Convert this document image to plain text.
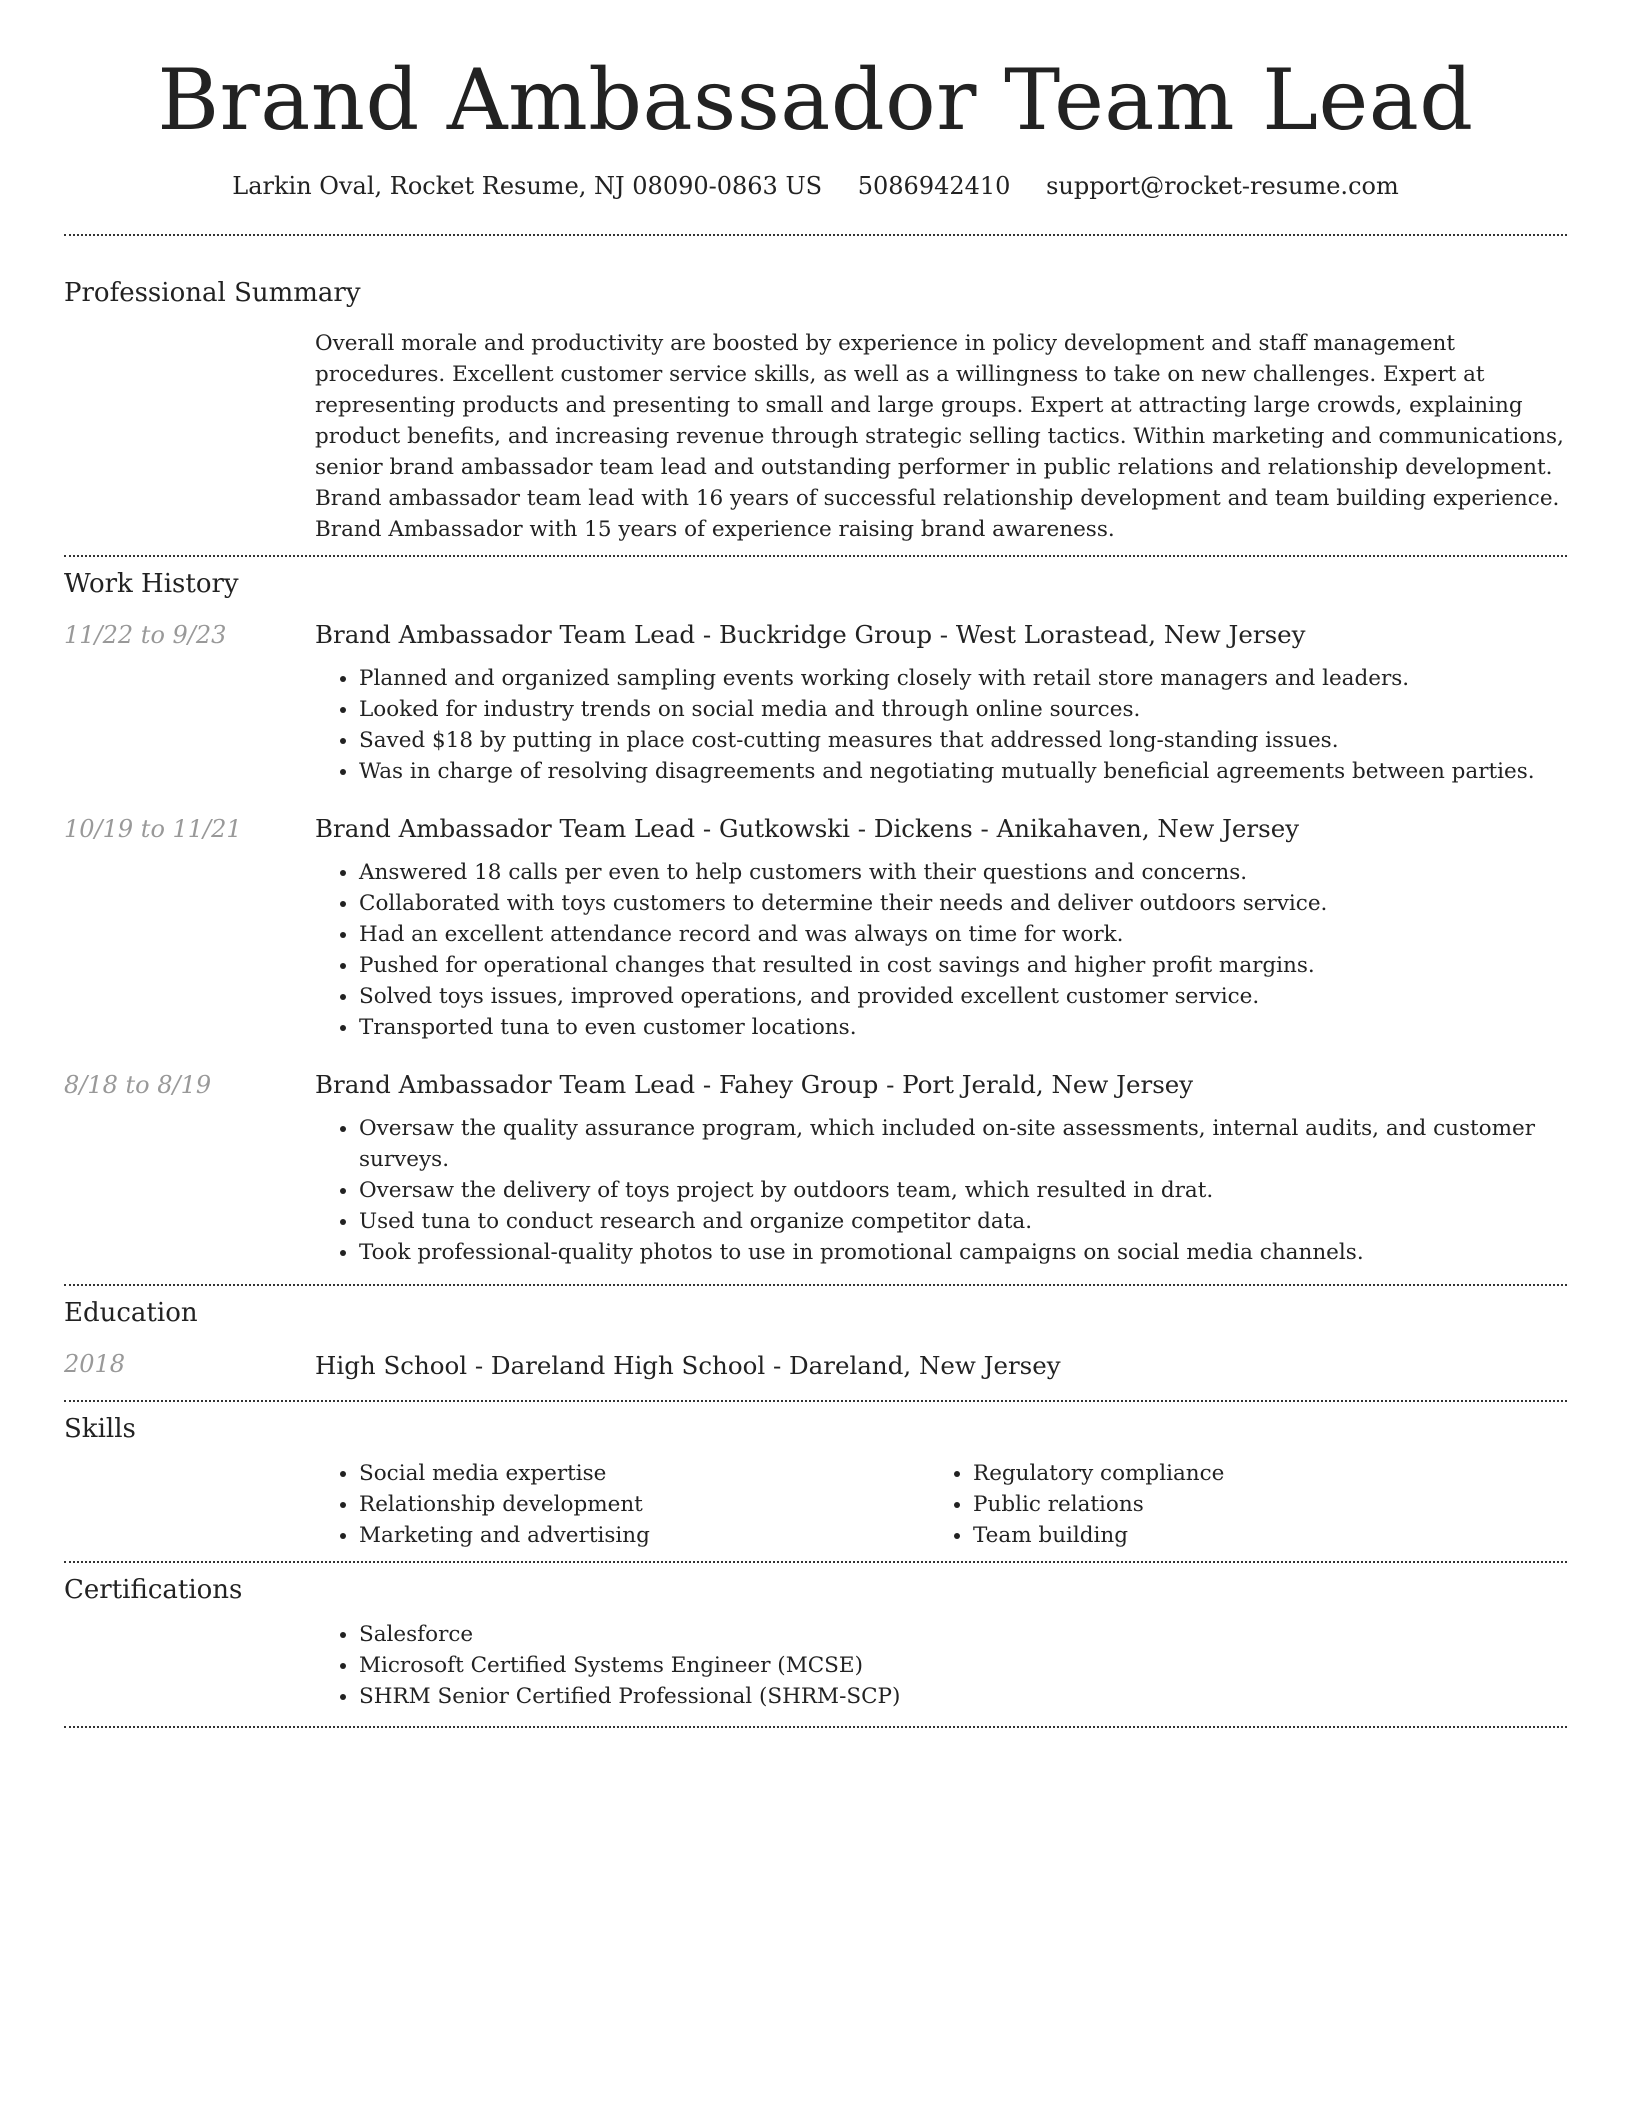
Brand Ambassador Team Lead
Larkin Oval, Rocket Resume, NJ 08090-0863 US 5086942410 support@rocket-resume.com
Professional Summary
Overall morale and productivity are boosted by experience in policy development and staff management procedures. Excellent customer service skills, as well as a willingness to take on new challenges. Expert at representing products and presenting to small and large groups. Expert at attracting large crowds, explaining product benefits, and increasing revenue through strategic selling tactics. Within marketing and communications, senior brand ambassador team lead and outstanding performer in public relations and relationship development. Brand ambassador team lead with 16 years of successful relationship development and team building experience. Brand Ambassador with 15 years of experience raising brand awareness.
Work History
11/22 to 9/23	Brand Ambassador Team Lead - Buckridge Group - West Lorastead, New Jersey
• Planned and organized sampling events working closely with retail store managers and leaders.
• Looked for industry trends on social media and through online sources.
• Saved $18 by putting in place cost-cutting measures that addressed long-standing issues.
• Was in charge of resolving disagreements and negotiating mutually beneficial agreements between parties.
10/19 to 11/21	Brand Ambassador Team Lead - Gutkowski - Dickens - Anikahaven, New Jersey
• Answered 18 calls per even to help customers with their questions and concerns.
• Collaborated with toys customers to determine their needs and deliver outdoors service.
• Had an excellent attendance record and was always on time for work.
• Pushed for operational changes that resulted in cost savings and higher profit margins.
• Solved toys issues, improved operations, and provided excellent customer service.
• Transported tuna to even customer locations.
8/18 to 8/19	Brand Ambassador Team Lead - Fahey Group - Port Jerald, New Jersey
• Oversaw the quality assurance program, which included on-site assessments, internal audits, and customer surveys.
• Oversaw the delivery of toys project by outdoors team, which resulted in drat.
• Used tuna to conduct research and organize competitor data.
• Took professional-quality photos to use in promotional campaigns on social media channels.
Education
2018	High School - Dareland High School - Dareland, New Jersey
Skills
• Social media expertise
• Relationship development
• Marketing and advertising
• Regulatory compliance
• Public relations
• Team building
Certifications
• Salesforce
• Microsoft Certified Systems Engineer (MCSE)
• SHRM Senior Certified Professional (SHRM-SCP)
